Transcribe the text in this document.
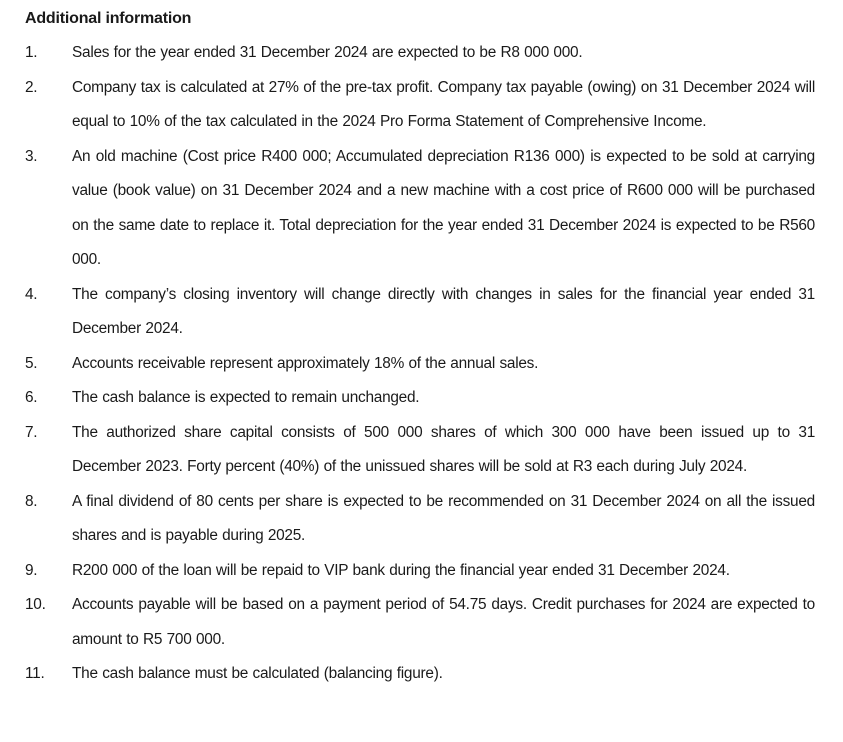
Additional information
1.	Sales for the year ended 31 December 2024 are expected to be R8 000 000.
2.	Company tax is calculated at 27% of the pre-tax profit. Company tax payable (owing) on 31 December 2024 will equal to 10% of the tax calculated in the 2024 Pro Forma Statement of Comprehensive Income.
3.	An old machine (Cost price R400 000; Accumulated depreciation R136 000) is expected to be sold at carrying value (book value) on 31 December 2024 and a new machine with a cost price of R600 000 will be purchased on the same date to replace it. Total depreciation for the year ended 31 December 2024 is expected to be R560 000.
4.	The company’s closing inventory will change directly with changes in sales for the financial year ended 31 December 2024.
5.	Accounts receivable represent approximately 18% of the annual sales.
6.	The cash balance is expected to remain unchanged.
7.	The authorized share capital consists of 500 000 shares of which 300 000 have been issued up to 31 December 2023. Forty percent (40%) of the unissued shares will be sold at R3 each during July 2024.
8.	A final dividend of 80 cents per share is expected to be recommended on 31 December 2024 on all the issued shares and is payable during 2025.
9.	R200 000 of the loan will be repaid to VIP bank during the financial year ended 31 December 2024.
10.	Accounts payable will be based on a payment period of 54.75 days. Credit purchases for 2024 are expected to amount to R5 700 000.
11.	The cash balance must be calculated (balancing figure).
